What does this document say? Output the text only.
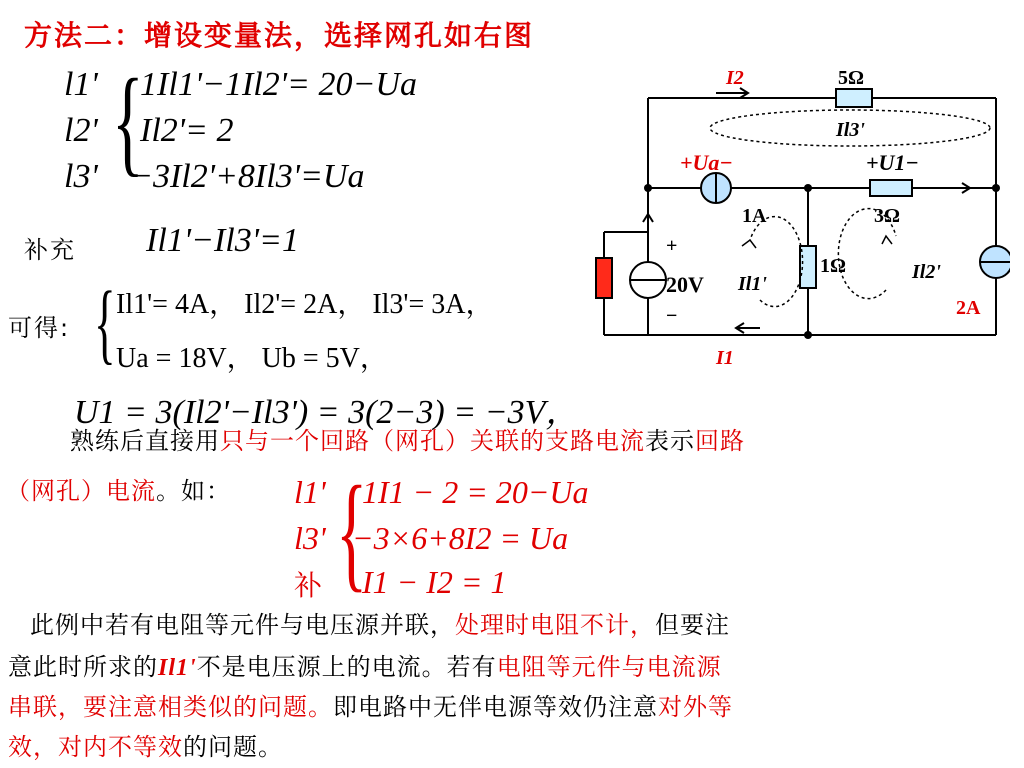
方法二：增设变量法，选择网孔如右图
l1'
l2'
l3' {
1Il1'−1Il2'= 20−Ua
Il2'= 2
−3Il2'+8Il3'=Ua
补充 Il1'−Il3'=1
可得: { Il1'= 4A， Il2'= 2A， Il3'= 3A，
Ua = 18V， Ub = 5V，
U1 = 3(Il2'−Il3') = 3(2−3) = −3V，
熟练后直接用只与一个回路（网孔）关联的支路电流表示回路
（网孔）电流。如： l1'
l3'
补 {
1I1 − 2 = 20−Ua
−3×6+8I2 = Ua
I1 − I2 = 1
此例中若有电阻等元件与电压源并联，处理时电阻不计，但要注
意此时所求的Il1'不是电压源上的电流。若有电阻等元件与电流源
串联，要注意相类似的问题。即电路中无伴电源等效仍注意对外等
效，对内不等效的问题。
I2	5Ω
Il3'
+Ua−	+U1−
1A	3Ω
+
20V
−
Il1'
1Ω	Il2'
2A
I1
